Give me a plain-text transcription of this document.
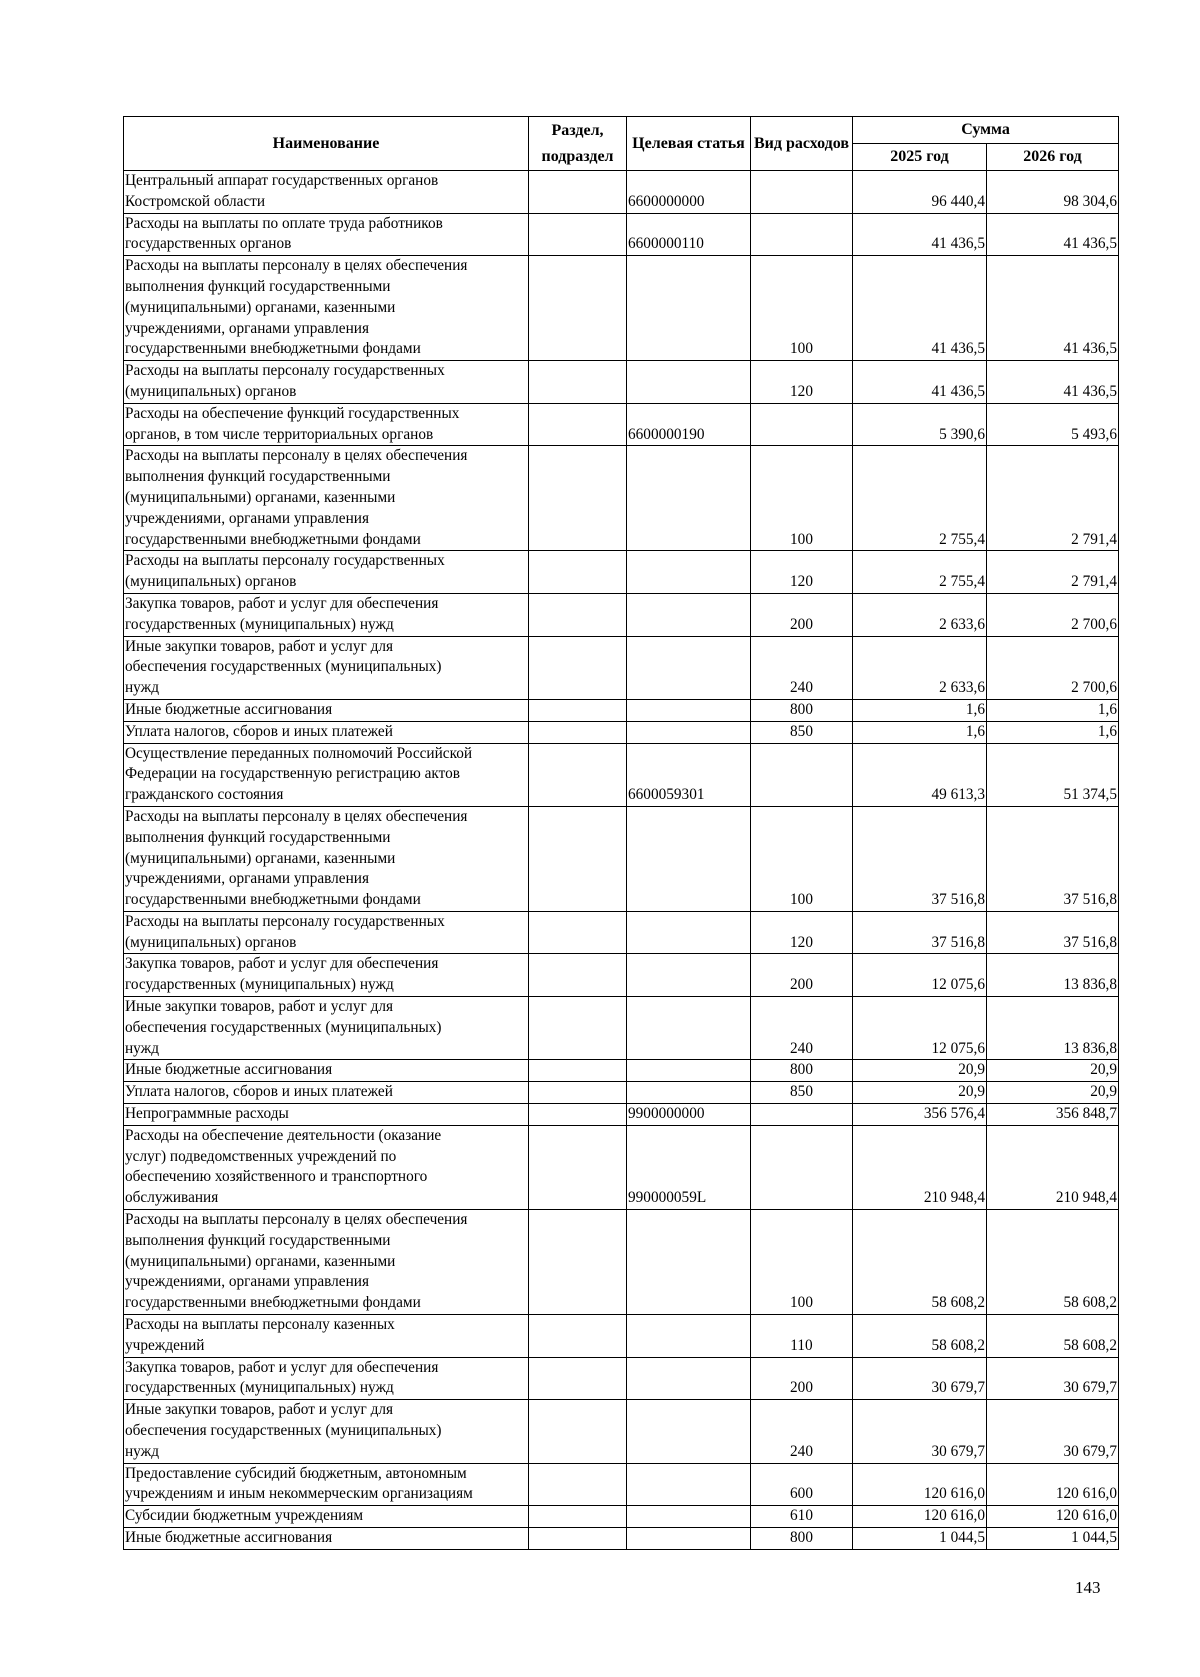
Наименование	Раздел, подраздел	Целевая статья	Вид расходов	Сумма	
				2025 год	2026 год
Центральный аппарат государственных органов
Костромской области		6600000000		96 440,4	98 304,6
Расходы на выплаты по оплате труда работников
государственных органов		6600000110		41 436,5	41 436,5
Расходы на выплаты персоналу в целях обеспечения
выполнения функций государственными
(муниципальными) органами, казенными
учреждениями, органами управления
государственными внебюджетными фондами			100	41 436,5	41 436,5
Расходы на выплаты персоналу государственных
(муниципальных) органов			120	41 436,5	41 436,5
Расходы на обеспечение функций государственных
органов, в том числе территориальных органов		6600000190		5 390,6	5 493,6
Расходы на выплаты персоналу в целях обеспечения
выполнения функций государственными
(муниципальными) органами, казенными
учреждениями, органами управления
государственными внебюджетными фондами			100	2 755,4	2 791,4
Расходы на выплаты персоналу государственных
(муниципальных) органов			120	2 755,4	2 791,4
Закупка товаров, работ и услуг для обеспечения
государственных (муниципальных) нужд			200	2 633,6	2 700,6
Иные закупки товаров, работ и услуг для
обеспечения государственных (муниципальных)
нужд			240	2 633,6	2 700,6
Иные бюджетные ассигнования			800	1,6	1,6
Уплата налогов, сборов и иных платежей			850	1,6	1,6
Осуществление переданных полномочий Российской
Федерации на государственную регистрацию актов
гражданского состояния		6600059301		49 613,3	51 374,5
Расходы на выплаты персоналу в целях обеспечения
выполнения функций государственными
(муниципальными) органами, казенными
учреждениями, органами управления
государственными внебюджетными фондами			100	37 516,8	37 516,8
Расходы на выплаты персоналу государственных
(муниципальных) органов			120	37 516,8	37 516,8
Закупка товаров, работ и услуг для обеспечения
государственных (муниципальных) нужд			200	12 075,6	13 836,8
Иные закупки товаров, работ и услуг для
обеспечения государственных (муниципальных)
нужд			240	12 075,6	13 836,8
Иные бюджетные ассигнования			800	20,9	20,9
Уплата налогов, сборов и иных платежей			850	20,9	20,9
Непрограммные расходы		9900000000		356 576,4	356 848,7
Расходы на обеспечение деятельности (оказание
услуг) подведомственных учреждений по
обеспечению хозяйственного и транспортного
обслуживания		990000059L		210 948,4	210 948,4
Расходы на выплаты персоналу в целях обеспечения
выполнения функций государственными
(муниципальными) органами, казенными
учреждениями, органами управления
государственными внебюджетными фондами			100	58 608,2	58 608,2
Расходы на выплаты персоналу казенных
учреждений			110	58 608,2	58 608,2
Закупка товаров, работ и услуг для обеспечения
государственных (муниципальных) нужд			200	30 679,7	30 679,7
Иные закупки товаров, работ и услуг для
обеспечения государственных (муниципальных)
нужд			240	30 679,7	30 679,7
Предоставление субсидий бюджетным, автономным
учреждениям и иным некоммерческим организациям			600	120 616,0	120 616,0
Субсидии бюджетным учреждениям			610	120 616,0	120 616,0
Иные бюджетные ассигнования			800	1 044,5	1 044,5
143
